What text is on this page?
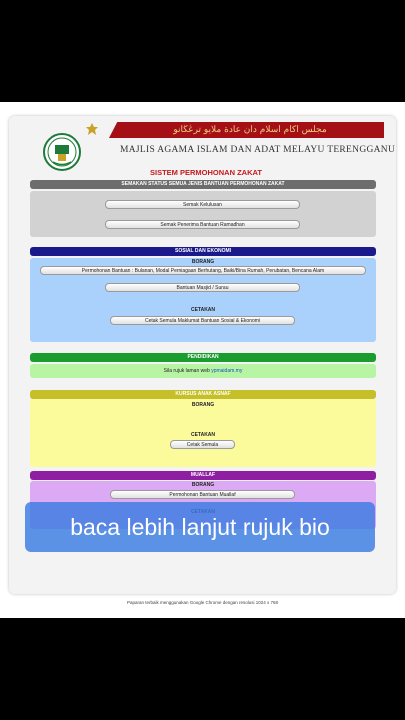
مجلس اكام اسلام دان عادة ملايو ترڠڬانو
MAJLIS AGAMA ISLAM DAN ADAT MELAYU TERENGGANU
SISTEM PERMOHONAN ZAKAT
SEMAKAN STATUS SEMUA JENIS BANTUAN PERMOHONAN ZAKAT
Semak Kelulusan
Semak Penerima Bantuan Ramadhan
SOSIAL DAN EKONOMI
BORANG
Permohonan Bantuan : Bulanan, Modal Perniagaan Berhutang, Baiki/Bina Rumah, Perubatan, Bencana Alam
Bantuan Masjid / Surau
CETAKAN
Cetak Semula Maklumat Bantuan Sosial & Ekonomi
PENDIDIKAN
Sila rujuk laman web ypmaidam.my
KURSUS ANAK ASNAF
BORANG
CETAKAN
Cetak Semula
MUALLAF
BORANG
Permohonan Bantuan Muallaf
Paparan terbaik menggunakan Google Chrome dengan resolusi 1024 x 768
baca lebih lanjut rujuk bio
